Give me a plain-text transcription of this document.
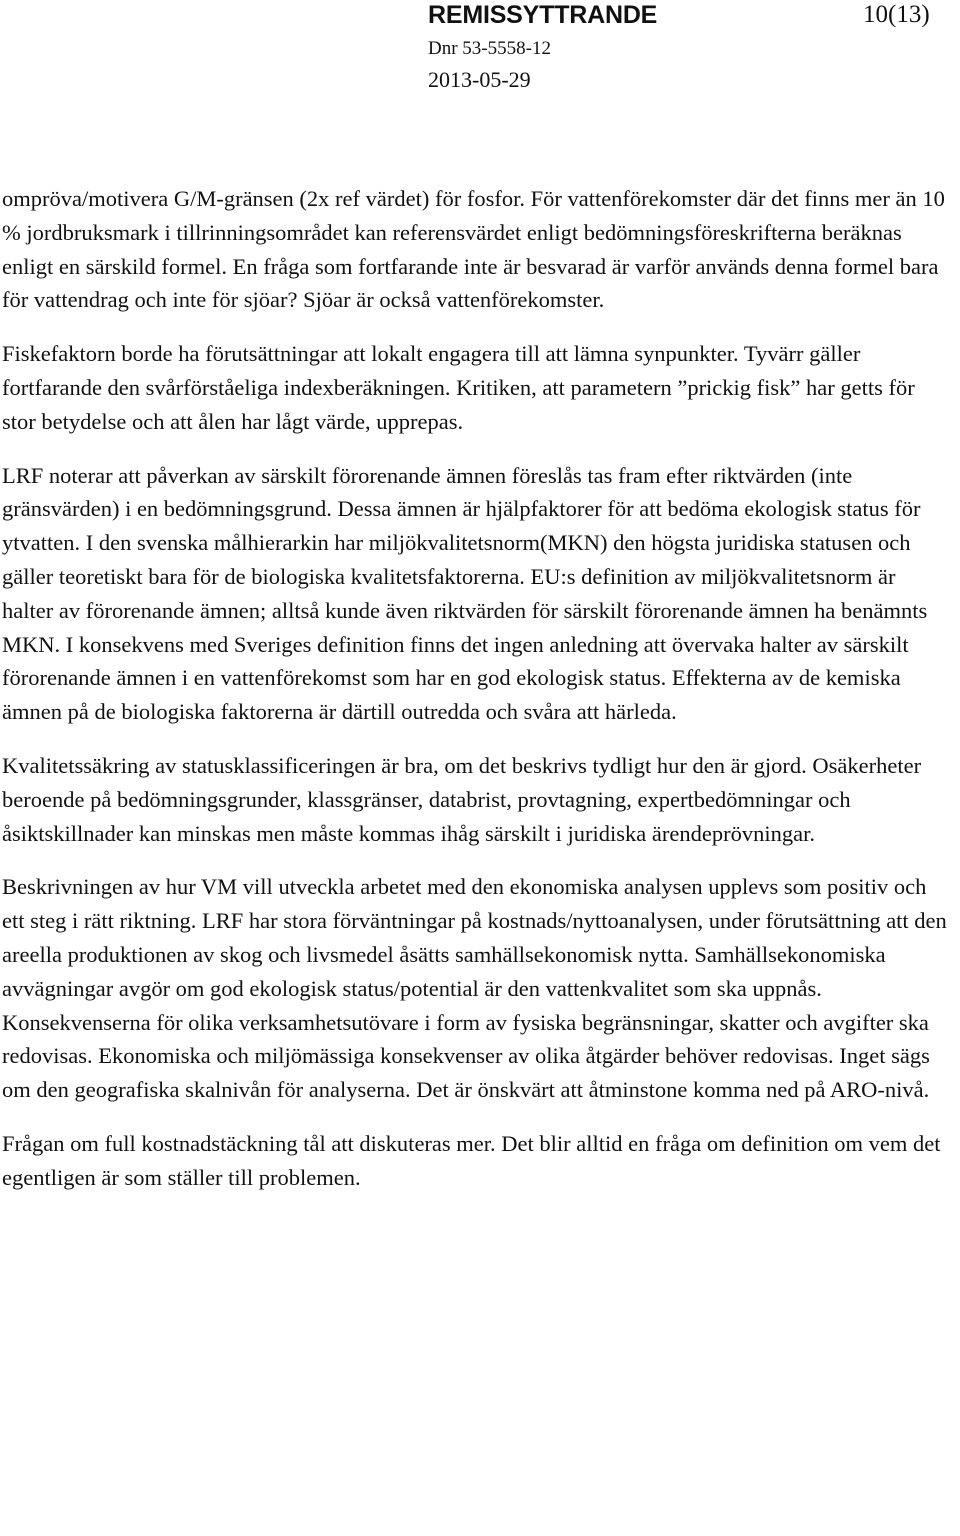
REMISSYTTRANDE	10(13)
Dnr 53-5558-12
2013-05-29

ompröva/motivera G/M-gränsen (2x ref värdet) för fosfor. För vattenförekomster där det finns mer än 10 % jordbruksmark i tillrinningsområdet kan referensvärdet enligt bedömningsföreskrifterna beräknas enligt en särskild formel. En fråga som fortfarande inte är besvarad är varför används denna formel bara för vattendrag och inte för sjöar? Sjöar är också vattenförekomster.

Fiskefaktorn borde ha förutsättningar att lokalt engagera till att lämna synpunkter. Tyvärr gäller fortfarande den svårförståeliga indexberäkningen. Kritiken, att parametern ”prickig fisk” har getts för stor betydelse och att ålen har lågt värde, upprepas.

LRF noterar att påverkan av särskilt förorenande ämnen föreslås tas fram efter riktvärden (inte gränsvärden) i en bedömningsgrund. Dessa ämnen är hjälpfaktorer för att bedöma ekologisk status för ytvatten. I den svenska målhierarkin har miljökvalitetsnorm(MKN) den högsta juridiska statusen och gäller teoretiskt bara för de biologiska kvalitetsfaktorerna. EU:s definition av miljökvalitetsnorm är halter av förorenande ämnen; alltså kunde även riktvärden för särskilt förorenande ämnen ha benämnts MKN. I konsekvens med Sveriges definition finns det ingen anledning att övervaka halter av särskilt förorenande ämnen i en vattenförekomst som har en god ekologisk status. Effekterna av de kemiska ämnen på de biologiska faktorerna är därtill outredda och svåra att härleda.

Kvalitetssäkring av statusklassificeringen är bra, om det beskrivs tydligt hur den är gjord. Osäkerheter beroende på bedömningsgrunder, klassgränser, databrist, provtagning, expertbedömningar och åsiktskillnader kan minskas men måste kommas ihåg särskilt i juridiska ärendeprövningar.

Beskrivningen av hur VM vill utveckla arbetet med den ekonomiska analysen upplevs som positiv och ett steg i rätt riktning. LRF har stora förväntningar på kostnads/nyttoanalysen, under förutsättning att den areella produktionen av skog och livsmedel åsätts samhällsekonomisk nytta. Samhällsekonomiska avvägningar avgör om god ekologisk status/potential är den vattenkvalitet som ska uppnås. Konsekvenserna för olika verksamhetsutövare i form av fysiska begränsningar, skatter och avgifter ska redovisas. Ekonomiska och miljömässiga konsekvenser av olika åtgärder behöver redovisas. Inget sägs om den geografiska skalnivån för analyserna. Det är önskvärt att åtminstone komma ned på ARO-nivå.

Frågan om full kostnadstäckning tål att diskuteras mer. Det blir alltid en fråga om definition om vem det egentligen är som ställer till problemen.
